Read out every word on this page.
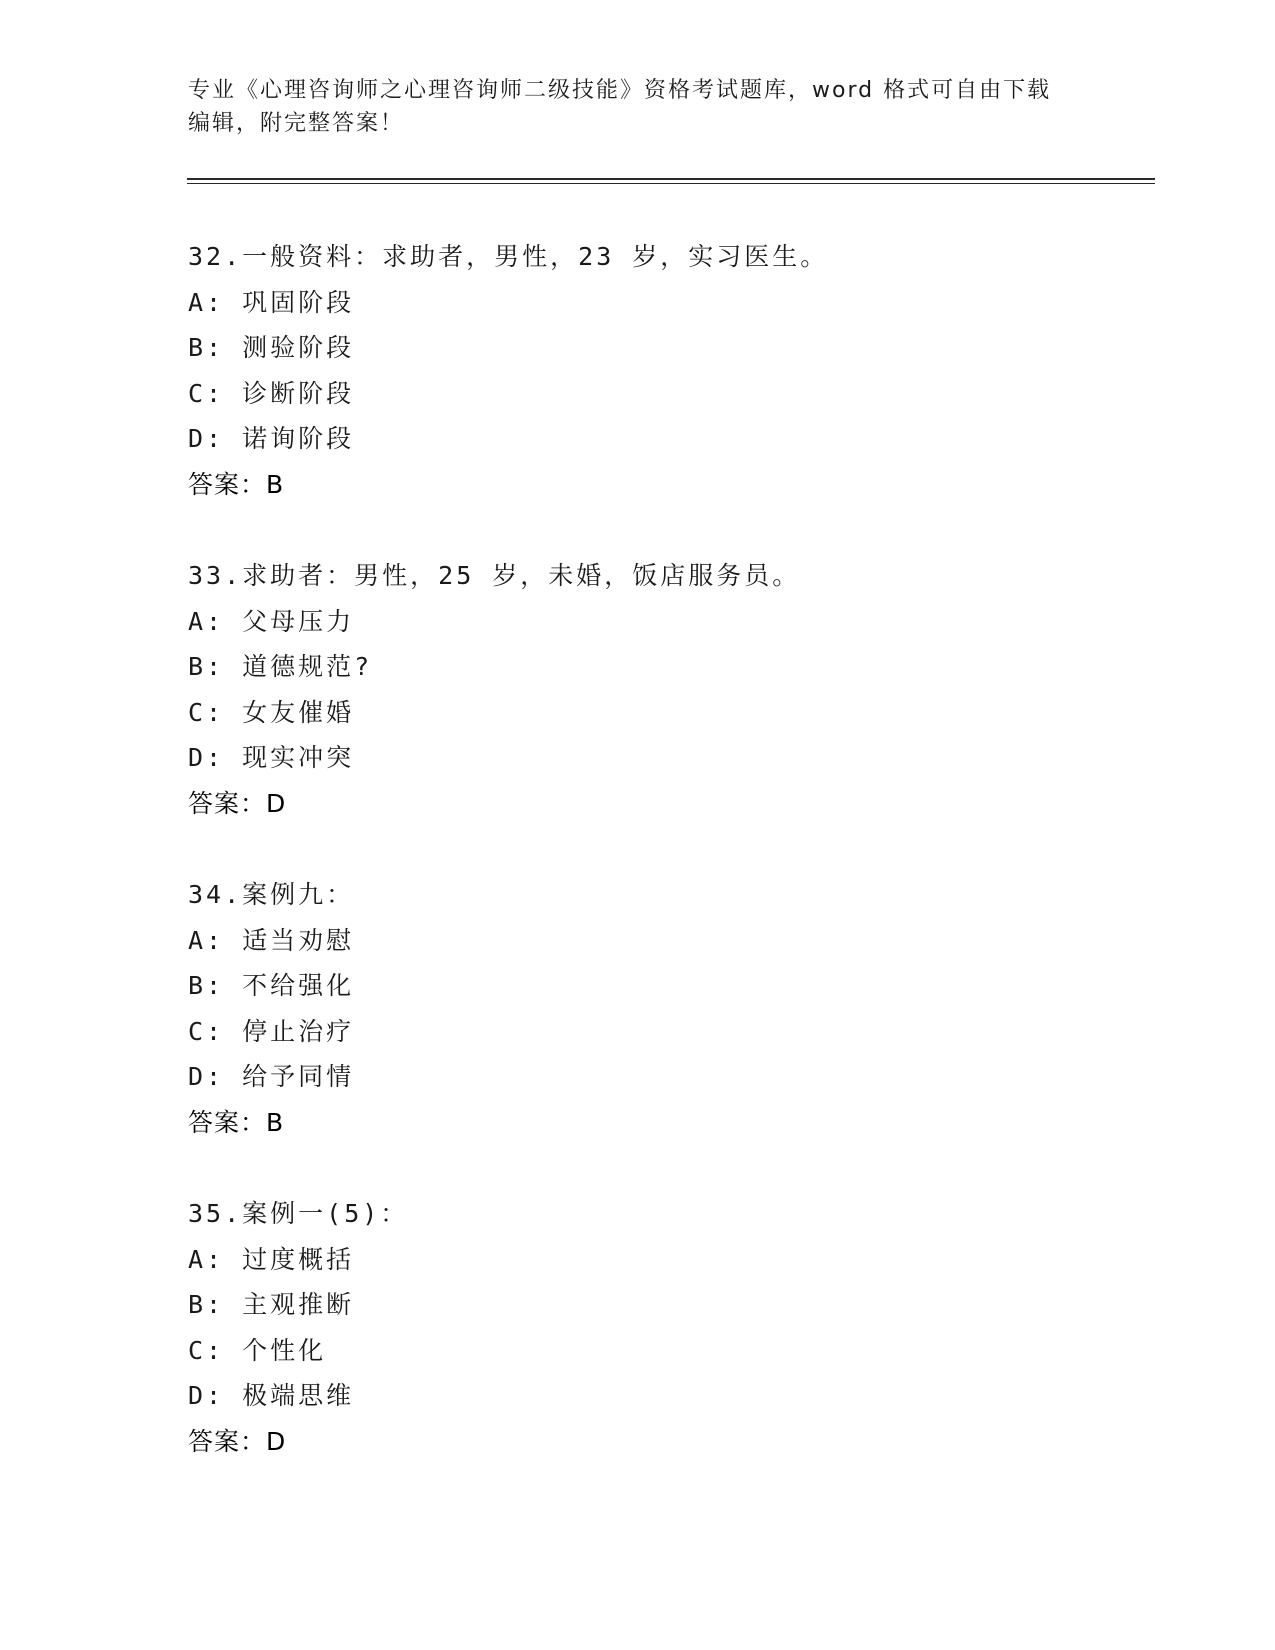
专业《心理咨询师之心理咨询师二级技能》资格考试题库，word 格式可自由下载
编辑，附完整答案！
32.一般资料：求助者，男性，23 岁，实习医生。
A: 巩固阶段
B: 测验阶段
C: 诊断阶段
D: 诺询阶段
答案：B
33.求助者：男性，25 岁，未婚，饭店服务员。
A: 父母压力
B: 道德规范?
C: 女友催婚
D: 现实冲突
答案：D
34.案例九：
A: 适当劝慰
B: 不给强化
C: 停止治疗
D: 给予同情
答案：B
35.案例一(5)：
A: 过度概括
B: 主观推断
C: 个性化
D: 极端思维
答案：D
